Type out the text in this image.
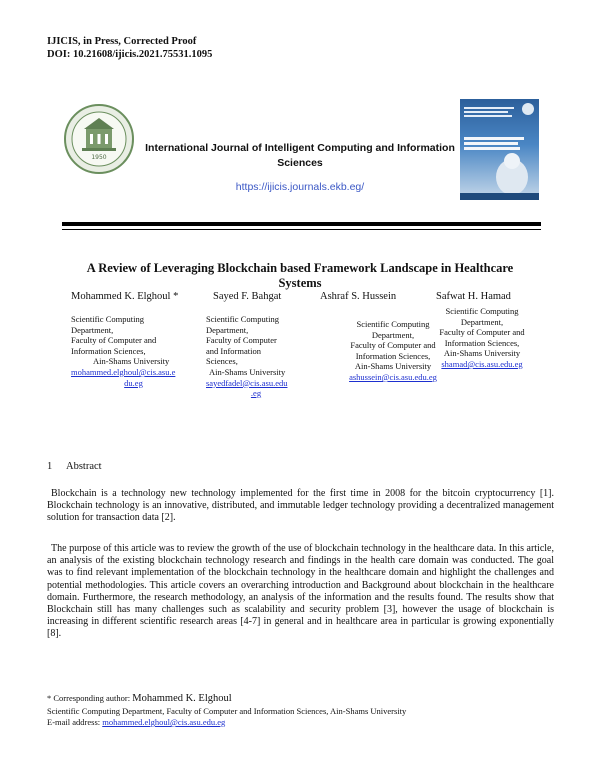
IJICIS, in Press, Corrected Proof
DOI: 10.21608/ijicis.2021.75531.1095
1950
International Journal of Intelligent Computing and Information
Sciences
https://ijicis.journals.ekb.eg/
A Review of Leveraging Blockchain based Framework Landscape in Healthcare
Systems
Mohammed K. Elghoul *	Sayed F. Bahgat	Ashraf S. Hussein	Safwat H. Hamad
Scientific Computing
Department,
Faculty of Computer and
Information Sciences,
Ain-Shams University
mohammed.elghoul@cis.asu.e
du.eg
Scientific Computing
Department,
Faculty of Computer
and Information
Sciences,
Ain-Shams University
sayedfadel@cis.asu.edu
.eg
Scientific Computing
Department,
Faculty of Computer and
Information Sciences,
Ain-Shams University
ashussein@cis.asu.edu.eg
Scientific Computing
Department,
Faculty of Computer and
Information Sciences,
Ain-Shams University
shamad@cis.asu.edu.eg
1 Abstract
Blockchain is a technology new technology implemented for the first time in 2008 for the bitcoin cryptocurrency [1]. Blockchain technology is an innovative, distributed, and immutable ledger technology providing a decentralized management solution for transaction data [2].
The purpose of this article was to review the growth of the use of blockchain technology in the healthcare data. In this article, an analysis of the existing blockchain technology research and findings in the health care domain was conducted. The goal was to find relevant implementation of the blockchain technology in the healthcare domain and highlight the challenges and potential methodologies. This article covers an overarching introduction and Background about blockchain in the healthcare domain. Furthermore, the research methodology, an analysis of the information and the results found. The results show that Blockchain still has many challenges such as scalability and security problem [3], however the usage of blockchain is increasing in different scientific research areas [4-7] in general and in healthcare area in particular is growing exponentially [8].
* Corresponding author: Mohammed K. Elghoul
Scientific Computing Department, Faculty of Computer and Information Sciences, Ain-Shams University
E-mail address: mohammed.elghoul@cis.asu.edu.eg
